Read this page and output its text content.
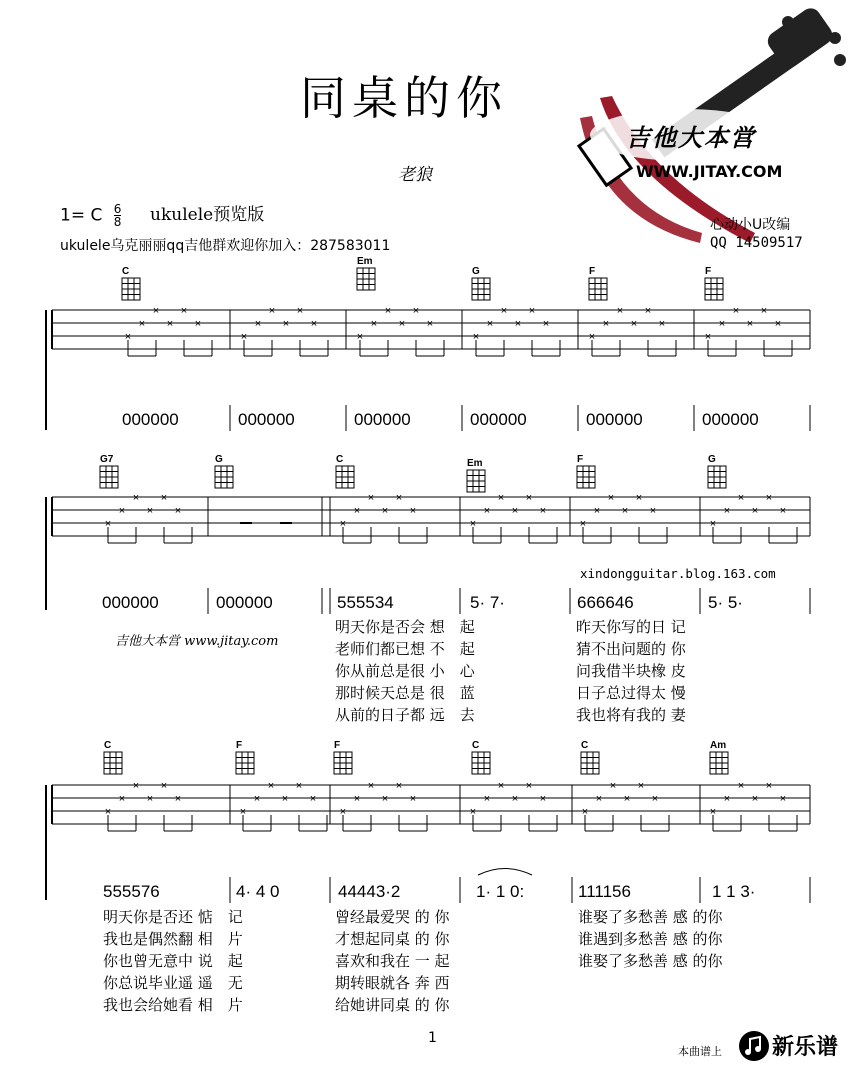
吉他大本営
WWW.JITAY.COM
同桌的你
老狼
1= C $\frac{6}{8}$ ukulele预览版
ukulele乌克丽丽qq吉他群欢迎你加入：287583011
心动小U改编
QQ 14509517
×
×
×
×
×
×
×
×
×
×
×
×
×
×
×
×
×
×
×
×
×
×
×
×
×
×
×
×
×
×
×
×
×
×
×
×
C
Em
G	F	F
000000	000000	000000	000000	000000	000000
×
×
×
×
×
×
×
×
×
×
×
×
×
×
×
×
×
×
×
×
×
×
×
×
×
×
×
×
×
×
G7	G	C	Em	F	G
000000	000000	555534	5· 7·	666646	5· 5·
×
×
×
×
×
×
×
×
×
×
×
×
×
×
×
×
×
×
×
×
×
×
×
×
×
×
×
×
×
×
×
×
×
×
×
×
C	F	F	C	C	Am
555576	4· 4 0	44443·2	1· 1 0:	111156	1 1 3·
xindongguitar.blog.163.com
吉他大本営 www.jitay.com
明天你是否会 想　起
老师们都已想 不　起
你从前总是很 小　心
那时候天总是 很　蓝
从前的日子都 远　去
昨天你写的日 记
猜不出问题的 你
问我借半块橡 皮
日子总过得太 慢
我也将有我的 妻
明天你是否还 惦　记
我也是偶然翻 相　片
你也曾无意中 说　起
你总说毕业遥 遥　无
我也会给她看 相　片
曾经最爱哭 的 你
才想起同桌 的 你
喜欢和我在 一 起
期转眼就各 奔 西
给她讲同桌 的 你
谁娶了多愁善 感 的你
谁遇到多愁善 感 的你
谁娶了多愁善 感 的你
1
本曲谱上 新乐谱
